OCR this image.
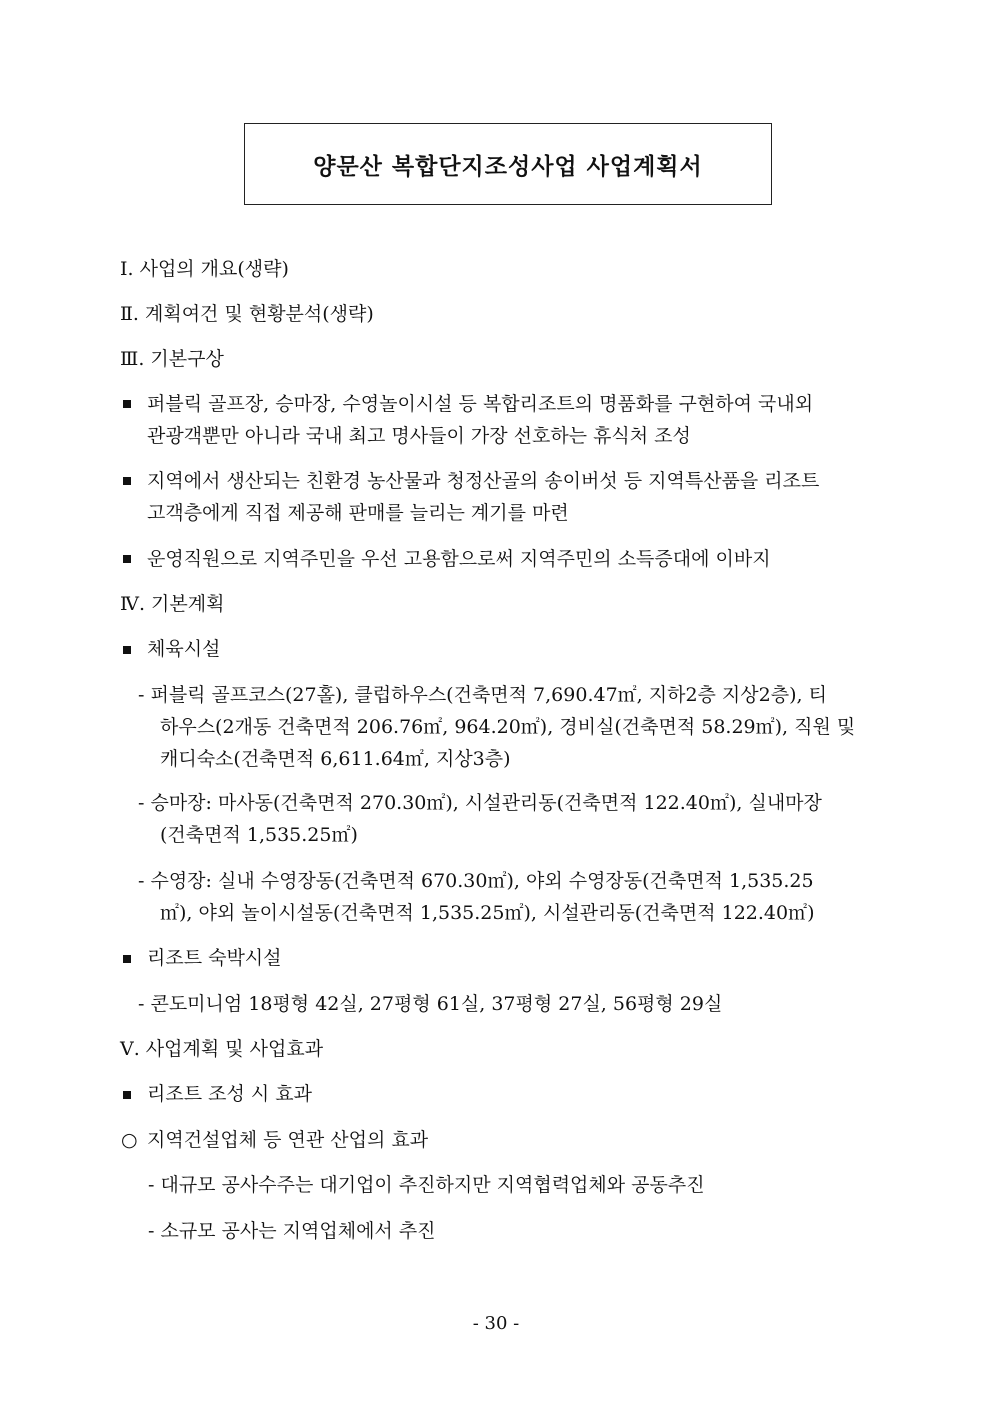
양문산 복합단지조성사업 사업계획서
Ⅰ. 사업의 개요(생략)
Ⅱ. 계획여건 및 현황분석(생략)
Ⅲ. 기본구상
퍼블릭 골프장, 승마장, 수영놀이시설 등 복합리조트의 명품화를 구현하여 국내외
관광객뿐만 아니라 국내 최고 명사들이 가장 선호하는 휴식처 조성
지역에서 생산되는 친환경 농산물과 청정산골의 송이버섯 등 지역특산품을 리조트
고객층에게 직접 제공해 판매를 늘리는 계기를 마련
운영직원으로 지역주민을 우선 고용함으로써 지역주민의 소득증대에 이바지
Ⅳ. 기본계획
체육시설
- 퍼블릭 골프코스(27홀), 클럽하우스(건축면적 7,690.47㎡, 지하2층 지상2층), 티
하우스(2개동 건축면적 206.76㎡, 964.20㎡), 경비실(건축면적 58.29㎡), 직원 및
캐디숙소(건축면적 6,611.64㎡, 지상3층)
- 승마장: 마사동(건축면적 270.30㎡), 시설관리동(건축면적 122.40㎡), 실내마장
(건축면적 1,535.25㎡)
- 수영장: 실내 수영장동(건축면적 670.30㎡), 야외 수영장동(건축면적 1,535.25
㎡), 야외 놀이시설동(건축면적 1,535.25㎡), 시설관리동(건축면적 122.40㎡)
리조트 숙박시설
- 콘도미니엄 18평형 42실, 27평형 61실, 37평형 27실, 56평형 29실
Ⅴ. 사업계획 및 사업효과
리조트 조성 시 효과
○ 지역건설업체 등 연관 산업의 효과
- 대규모 공사수주는 대기업이 추진하지만 지역협력업체와 공동추진
- 소규모 공사는 지역업체에서 추진
- 30 -
